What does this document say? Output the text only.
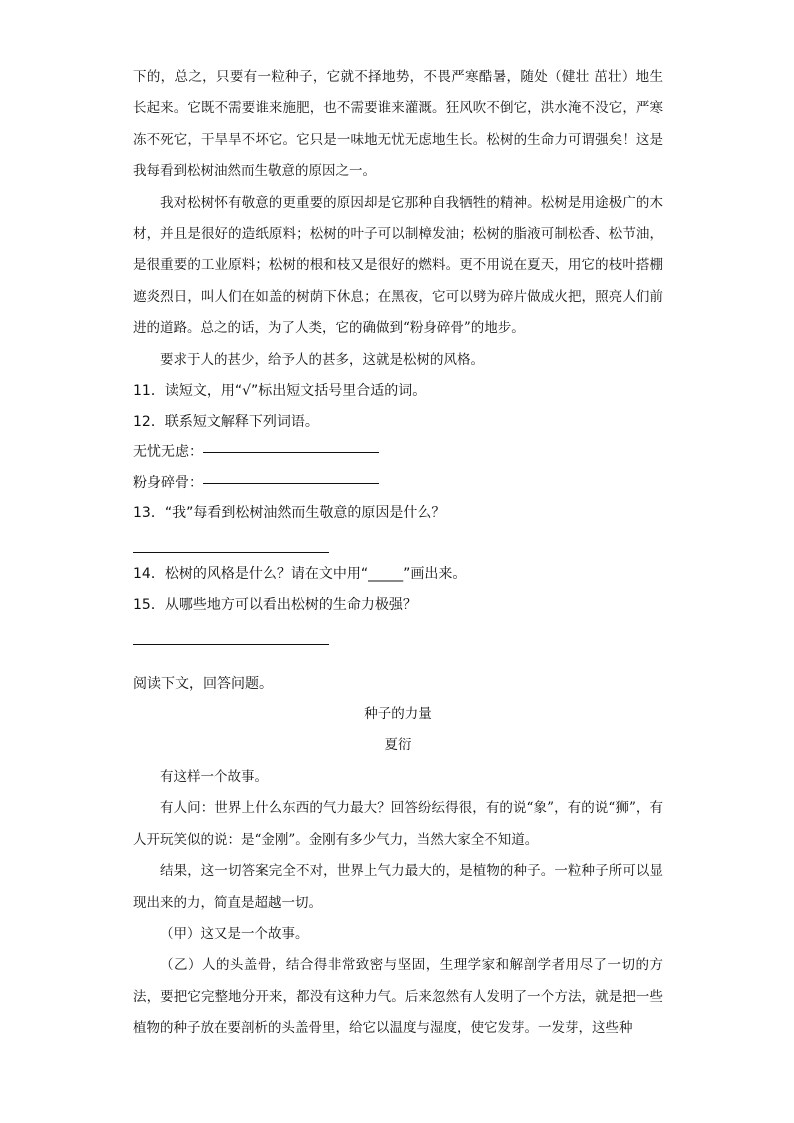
下的，总之，只要有一粒种子，它就不择地势，不畏严寒酷暑，随处（健壮 茁壮）地生长起来。它既不需要谁来施肥，也不需要谁来灌溉。狂风吹不倒它，洪水淹不没它，严寒冻不死它，干旱旱不坏它。它只是一味地无忧无虑地生长。松树的生命力可谓强矣！这是我每看到松树油然而生敬意的原因之一。

我对松树怀有敬意的更重要的原因却是它那种自我牺牲的精神。松树是用途极广的木材，并且是很好的造纸原料；松树的叶子可以制樟发油；松树的脂液可制松香、松节油，是很重要的工业原料；松树的根和枝又是很好的燃料。更不用说在夏天，用它的枝叶搭棚遮炎烈日，叫人们在如盖的树荫下休息；在黑夜，它可以劈为碎片做成火把，照亮人们前进的道路。总之的话，为了人类，它的确做到“粉身碎骨”的地步。

要求于人的甚少，给予人的甚多，这就是松树的风格。

11．读短文，用“√”标出短文括号里合适的词。

12．联系短文解释下列词语。

无忧无虑：

粉身碎骨：

13．“我”每看到松树油然而生敬意的原因是什么？

14．松树的风格是什么？请在文中用“_____”画出来。

15．从哪些地方可以看出松树的生命力极强？

阅读下文，回答问题。

种子的力量

夏衍

有这样一个故事。

有人问：世界上什么东西的气力最大？回答纷纭得很，有的说“象”，有的说“狮”，有人开玩笑似的说：是“金刚”。金刚有多少气力，当然大家全不知道。

结果，这一切答案完全不对，世界上气力最大的，是植物的种子。一粒种子所可以显现出来的力，简直是超越一切。

（甲）这又是一个故事。

（乙）人的头盖骨，结合得非常致密与坚固，生理学家和解剖学者用尽了一切的方法，要把它完整地分开来，都没有这种力气。后来忽然有人发明了一个方法，就是把一些植物的种子放在要剖析的头盖骨里，给它以温度与湿度，使它发芽。一发芽，这些种
